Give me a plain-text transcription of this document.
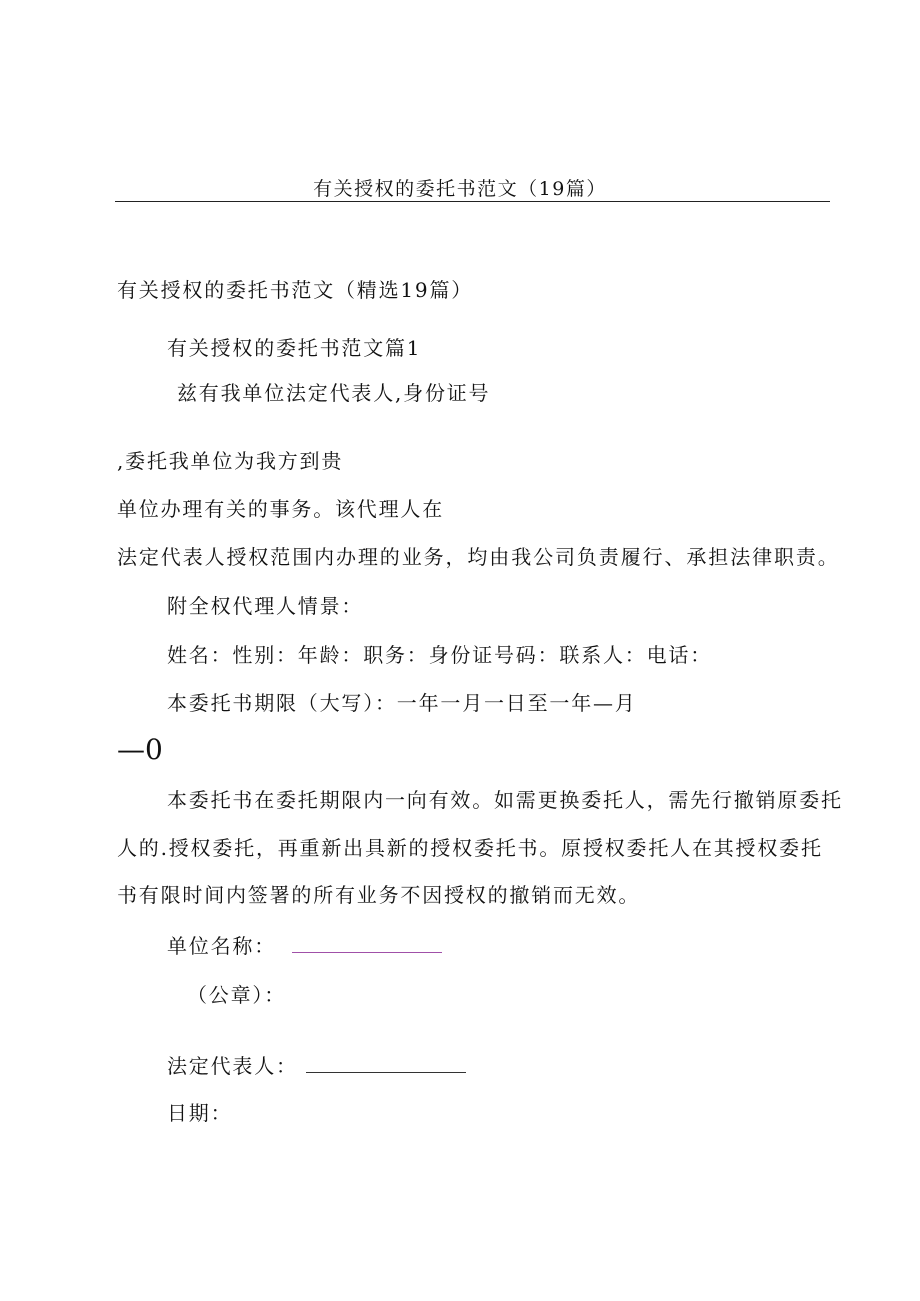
有关授权的委托书范文（19篇）
有关授权的委托书范文（精选19篇）
有关授权的委托书范文篇1
兹有我单位法定代表人,身份证号
,委托我单位为我方到贵
单位办理有关的事务。该代理人在
法定代表人授权范围内办理的业务，均由我公司负责履行、承担法律职责。
附全权代理人情景：
姓名：性别：年龄：职务：身份证号码：联系人：电话：
本委托书期限（大写）：一年一月一日至一年—月
—0
本委托书在委托期限内一向有效。如需更换委托人，需先行撤销原委托
人的.授权委托，再重新出具新的授权委托书。原授权委托人在其授权委托
书有限时间内签署的所有业务不因授权的撤销而无效。
单位名称：
（公章）：
法定代表人：
日期：
